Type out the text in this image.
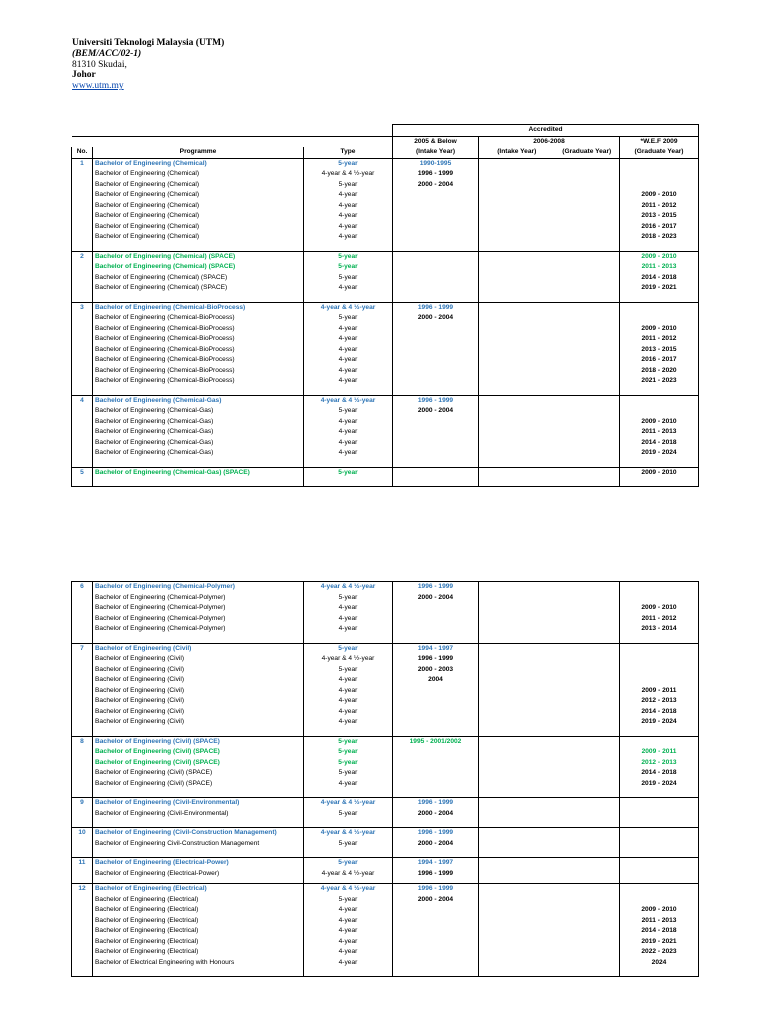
Universiti Teknologi Malaysia (UTM)
(BEM/ACC/02-1)
81310 Skudai,
Johor
www.utm.my
			Accredited			
			2005 & Below	2006-2008		*W.E.F 2009
No.	Programme	Type	(Intake Year)	(Intake Year)	(Graduate Year)	(Graduate Year)
1	Bachelor of Engineering (Chemical)	5-year	1990-1995			
	Bachelor of Engineering (Chemical)	4-year & 4 ½-year	1996 - 1999			
	Bachelor of Engineering (Chemical)	5-year	2000 - 2004			
	Bachelor of Engineering (Chemical)	4-year				2009 - 2010
	Bachelor of Engineering (Chemical)	4-year				2011 - 2012
	Bachelor of Engineering (Chemical)	4-year				2013 - 2015
	Bachelor of Engineering (Chemical)	4-year				2016 - 2017
	Bachelor of Engineering (Chemical)	4-year				2018 - 2023

2	Bachelor of Engineering (Chemical) (SPACE)	5-year				2009 - 2010
	Bachelor of Engineering (Chemical) (SPACE)	5-year				2011 - 2013
	Bachelor of Engineering (Chemical) (SPACE)	5-year				2014 - 2018
	Bachelor of Engineering (Chemical) (SPACE)	4-year				2019 - 2021

3	Bachelor of Engineering (Chemical-BioProcess)	4-year & 4 ½-year	1996 - 1999			
	Bachelor of Engineering (Chemical-BioProcess)	5-year	2000 - 2004			
	Bachelor of Engineering (Chemical-BioProcess)	4-year				2009 - 2010
	Bachelor of Engineering (Chemical-BioProcess)	4-year				2011 - 2012
	Bachelor of Engineering (Chemical-BioProcess)	4-year				2013 - 2015
	Bachelor of Engineering (Chemical-BioProcess)	4-year				2016 - 2017
	Bachelor of Engineering (Chemical-BioProcess)	4-year				2018 - 2020
	Bachelor of Engineering (Chemical-BioProcess)	4-year				2021 - 2023

4	Bachelor of Engineering (Chemical-Gas)	4-year & 4 ½-year	1996 - 1999			
	Bachelor of Engineering (Chemical-Gas)	5-year	2000 - 2004			
	Bachelor of Engineering (Chemical-Gas)	4-year				2009 - 2010
	Bachelor of Engineering (Chemical-Gas)	4-year				2011 - 2013
	Bachelor of Engineering (Chemical-Gas)	4-year				2014 - 2018
	Bachelor of Engineering (Chemical-Gas)	4-year				2019 - 2024

5	Bachelor of Engineering (Chemical-Gas) (SPACE)	5-year				2009 - 2010

6	Bachelor of Engineering (Chemical-Polymer)	4-year & 4 ½-year	1996 - 1999			
	Bachelor of Engineering (Chemical-Polymer)	5-year	2000 - 2004			
	Bachelor of Engineering (Chemical-Polymer)	4-year				2009 - 2010
	Bachelor of Engineering (Chemical-Polymer)	4-year				2011 - 2012
	Bachelor of Engineering (Chemical-Polymer)	4-year				2013 - 2014

7	Bachelor of Engineering (Civil)	5-year	1994 - 1997			
	Bachelor of Engineering (Civil)	4-year & 4 ½-year	1996 - 1999			
	Bachelor of Engineering (Civil)	5-year	2000 - 2003			
	Bachelor of Engineering (Civil)	4-year	2004			
	Bachelor of Engineering (Civil)	4-year				2009 - 2011
	Bachelor of Engineering (Civil)	4-year				2012 - 2013
	Bachelor of Engineering (Civil)	4-year				2014 - 2018
	Bachelor of Engineering (Civil)	4-year				2019 - 2024

8	Bachelor of Engineering (Civil) (SPACE)	5-year	1995 - 2001/2002			
	Bachelor of Engineering (Civil) (SPACE)	5-year				2009 - 2011
	Bachelor of Engineering (Civil) (SPACE)	5-year				2012 - 2013
	Bachelor of Engineering (Civil) (SPACE)	5-year				2014 - 2018
	Bachelor of Engineering (Civil) (SPACE)	4-year				2019 - 2024

9	Bachelor of Engineering (Civil-Environmental)	4-year & 4 ½-year	1996 - 1999			
	Bachelor of Engineering (Civil-Environmental)	5-year	2000 - 2004			

10	Bachelor of Engineering (Civil-Construction Management)	4-year & 4 ½-year	1996 - 1999			
	Bachelor of Engineering Civil-Construction Management	5-year	2000 - 2004			

11	Bachelor of Engineering (Electrical-Power)	5-year	1994 - 1997			
	Bachelor of Engineering (Electrical-Power)	4-year & 4 ½-year	1996 - 1999			

12	Bachelor of Engineering (Electrical)	4-year & 4 ½-year	1996 - 1999			
	Bachelor of Engineering (Electrical)	5-year	2000 - 2004			
	Bachelor of Engineering (Electrical)	4-year				2009 - 2010
	Bachelor of Engineering (Electrical)	4-year				2011 - 2013
	Bachelor of Engineering (Electrical)	4-year				2014 - 2018
	Bachelor of Engineering (Electrical)	4-year				2019 - 2021
	Bachelor of Engineering (Electrical)	4-year				2022 - 2023
	Bachelor of Electrical Engineering with Honours	4-year				2024
